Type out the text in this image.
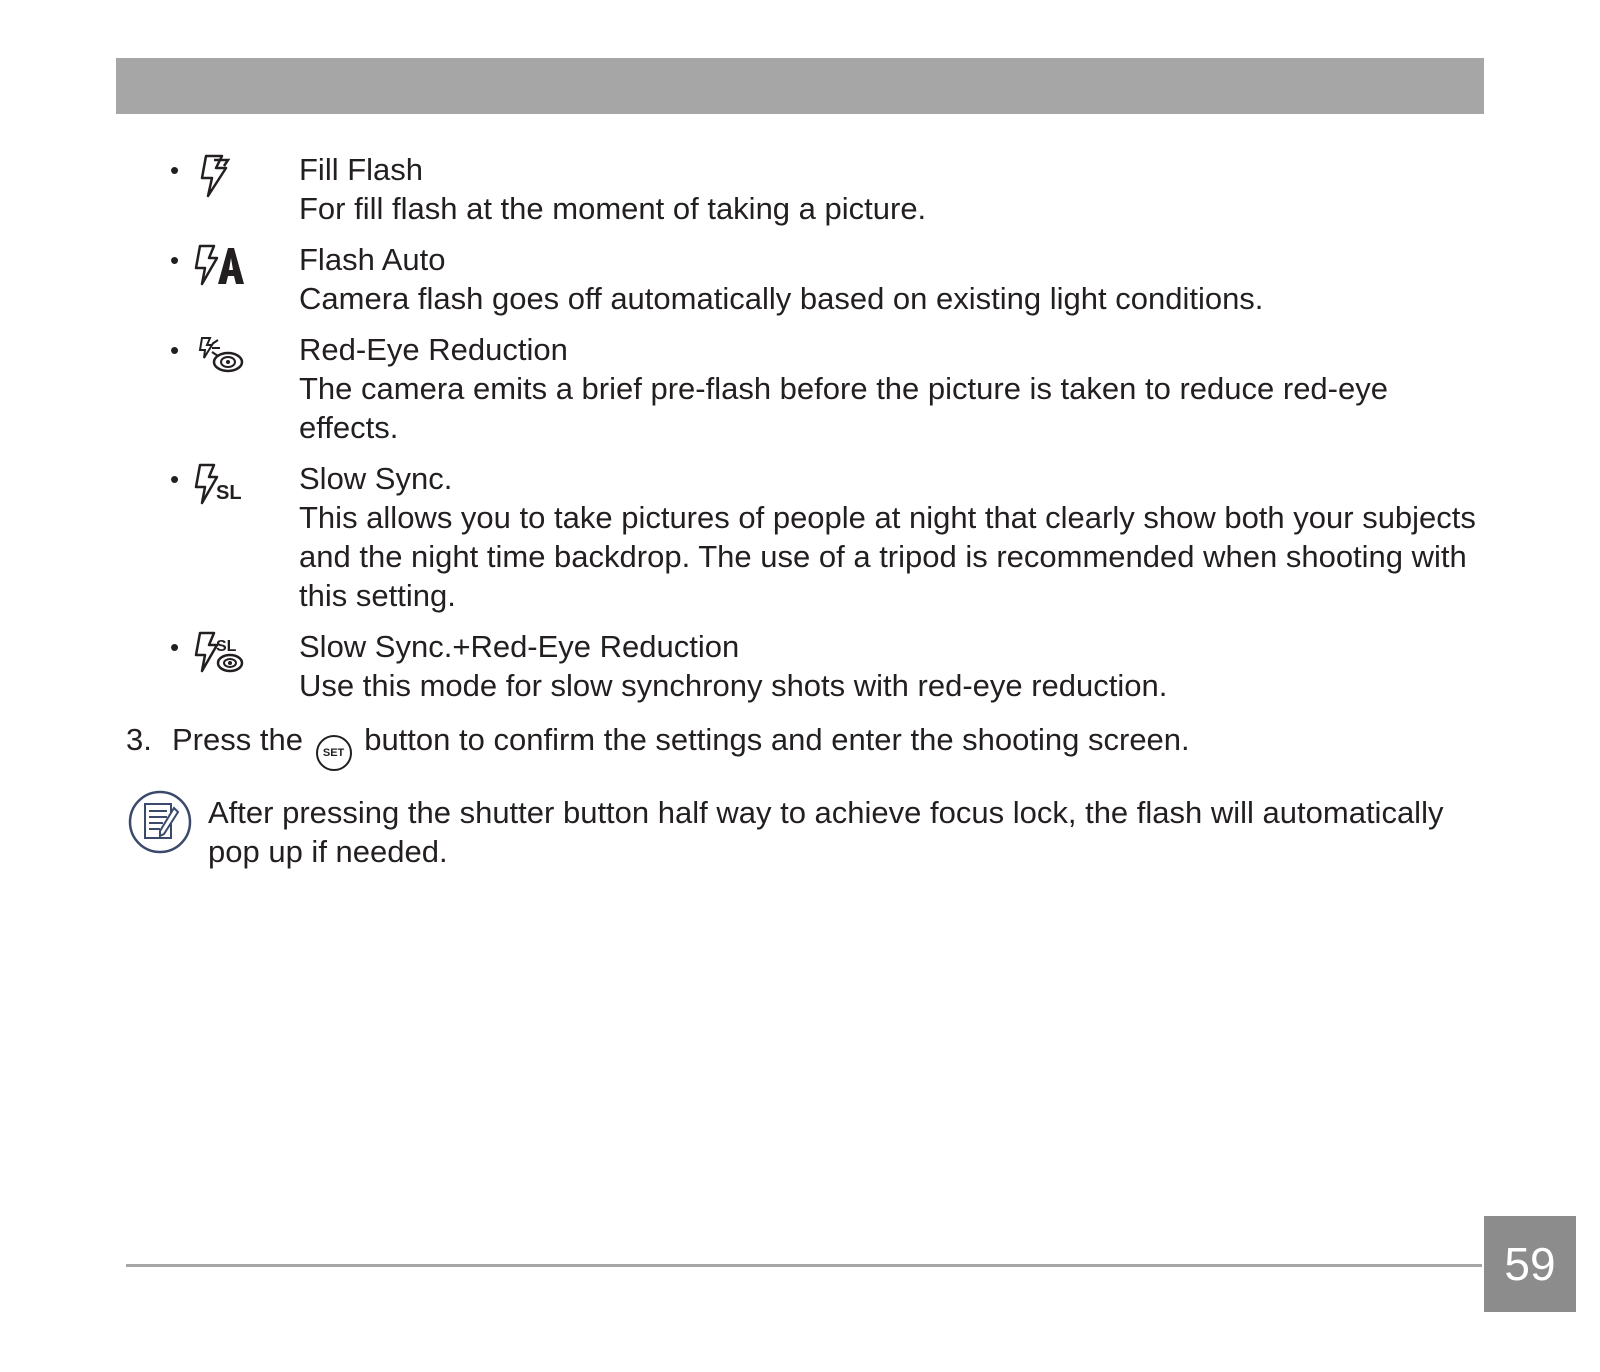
•	Fill Flash

For fill flash at the moment of taking a picture.

•	Flash Auto

Camera flash goes off automatically based on existing light conditions.

•	Red-Eye Reduction

The camera emits a brief pre-flash before the picture is taken to reduce red-eye effects.

• SL Slow Sync.

This allows you to take pictures of people at night that clearly show both your subjects and the night time backdrop. The use of a tripod is recommended when shooting with this setting.

• SL Slow Sync.+Red-Eye Reduction

Use this mode for slow synchrony shots with red-eye reduction.

3. Press the SET button to confirm the settings and enter the shooting screen.

After pressing the shutter button half way to achieve focus lock, the flash will automatically pop up if needed.

59
